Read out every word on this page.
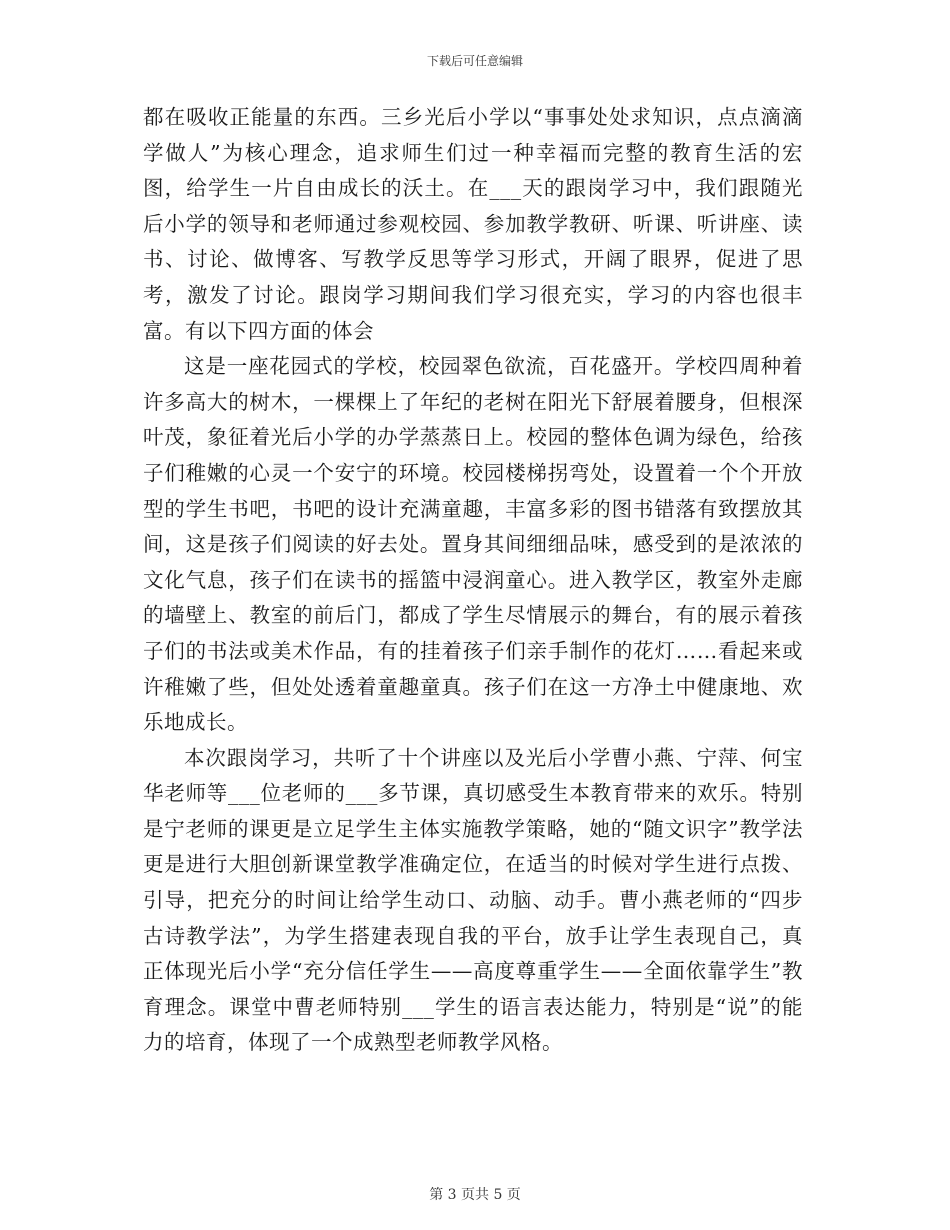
下载后可任意编辑

都在吸收正能量的东西。三乡光后小学以“事事处处求知识，点点滴滴学做人”为核心理念，追求师生们过一种幸福而完整的教育生活的宏图，给学生一片自由成长的沃土。在___天的跟岗学习中，我们跟随光后小学的领导和老师通过参观校园、参加教学教研、听课、听讲座、读书、讨论、做博客、写教学反思等学习形式，开阔了眼界，促进了思考，激发了讨论。跟岗学习期间我们学习很充实，学习的内容也很丰富。有以下四方面的体会

这是一座花园式的学校，校园翠色欲流，百花盛开。学校四周种着许多高大的树木，一棵棵上了年纪的老树在阳光下舒展着腰身，但根深叶茂，象征着光后小学的办学蒸蒸日上。校园的整体色调为绿色，给孩子们稚嫩的心灵一个安宁的环境。校园楼梯拐弯处，设置着一个个开放型的学生书吧，书吧的设计充满童趣，丰富多彩的图书错落有致摆放其间，这是孩子们阅读的好去处。置身其间细细品味，感受到的是浓浓的文化气息，孩子们在读书的摇篮中浸润童心。进入教学区，教室外走廊的墙壁上、教室的前后门，都成了学生尽情展示的舞台，有的展示着孩子们的书法或美术作品，有的挂着孩子们亲手制作的花灯……看起来或许稚嫩了些，但处处透着童趣童真。孩子们在这一方净土中健康地、欢乐地成长。

本次跟岗学习，共听了十个讲座以及光后小学曹小燕、宁萍、何宝华老师等___位老师的___多节课，真切感受生本教育带来的欢乐。特别是宁老师的课更是立足学生主体实施教学策略，她的“随文识字”教学法更是进行大胆创新课堂教学准确定位，在适当的时候对学生进行点拨、引导，把充分的时间让给学生动口、动脑、动手。曹小燕老师的“四步古诗教学法”，为学生搭建表现自我的平台，放手让学生表现自己，真正体现光后小学“充分信任学生——高度尊重学生——全面依靠学生”教育理念。课堂中曹老师特别___学生的语言表达能力，特别是“说”的能力的培育，体现了一个成熟型老师教学风格。

第 3 页共 5 页
